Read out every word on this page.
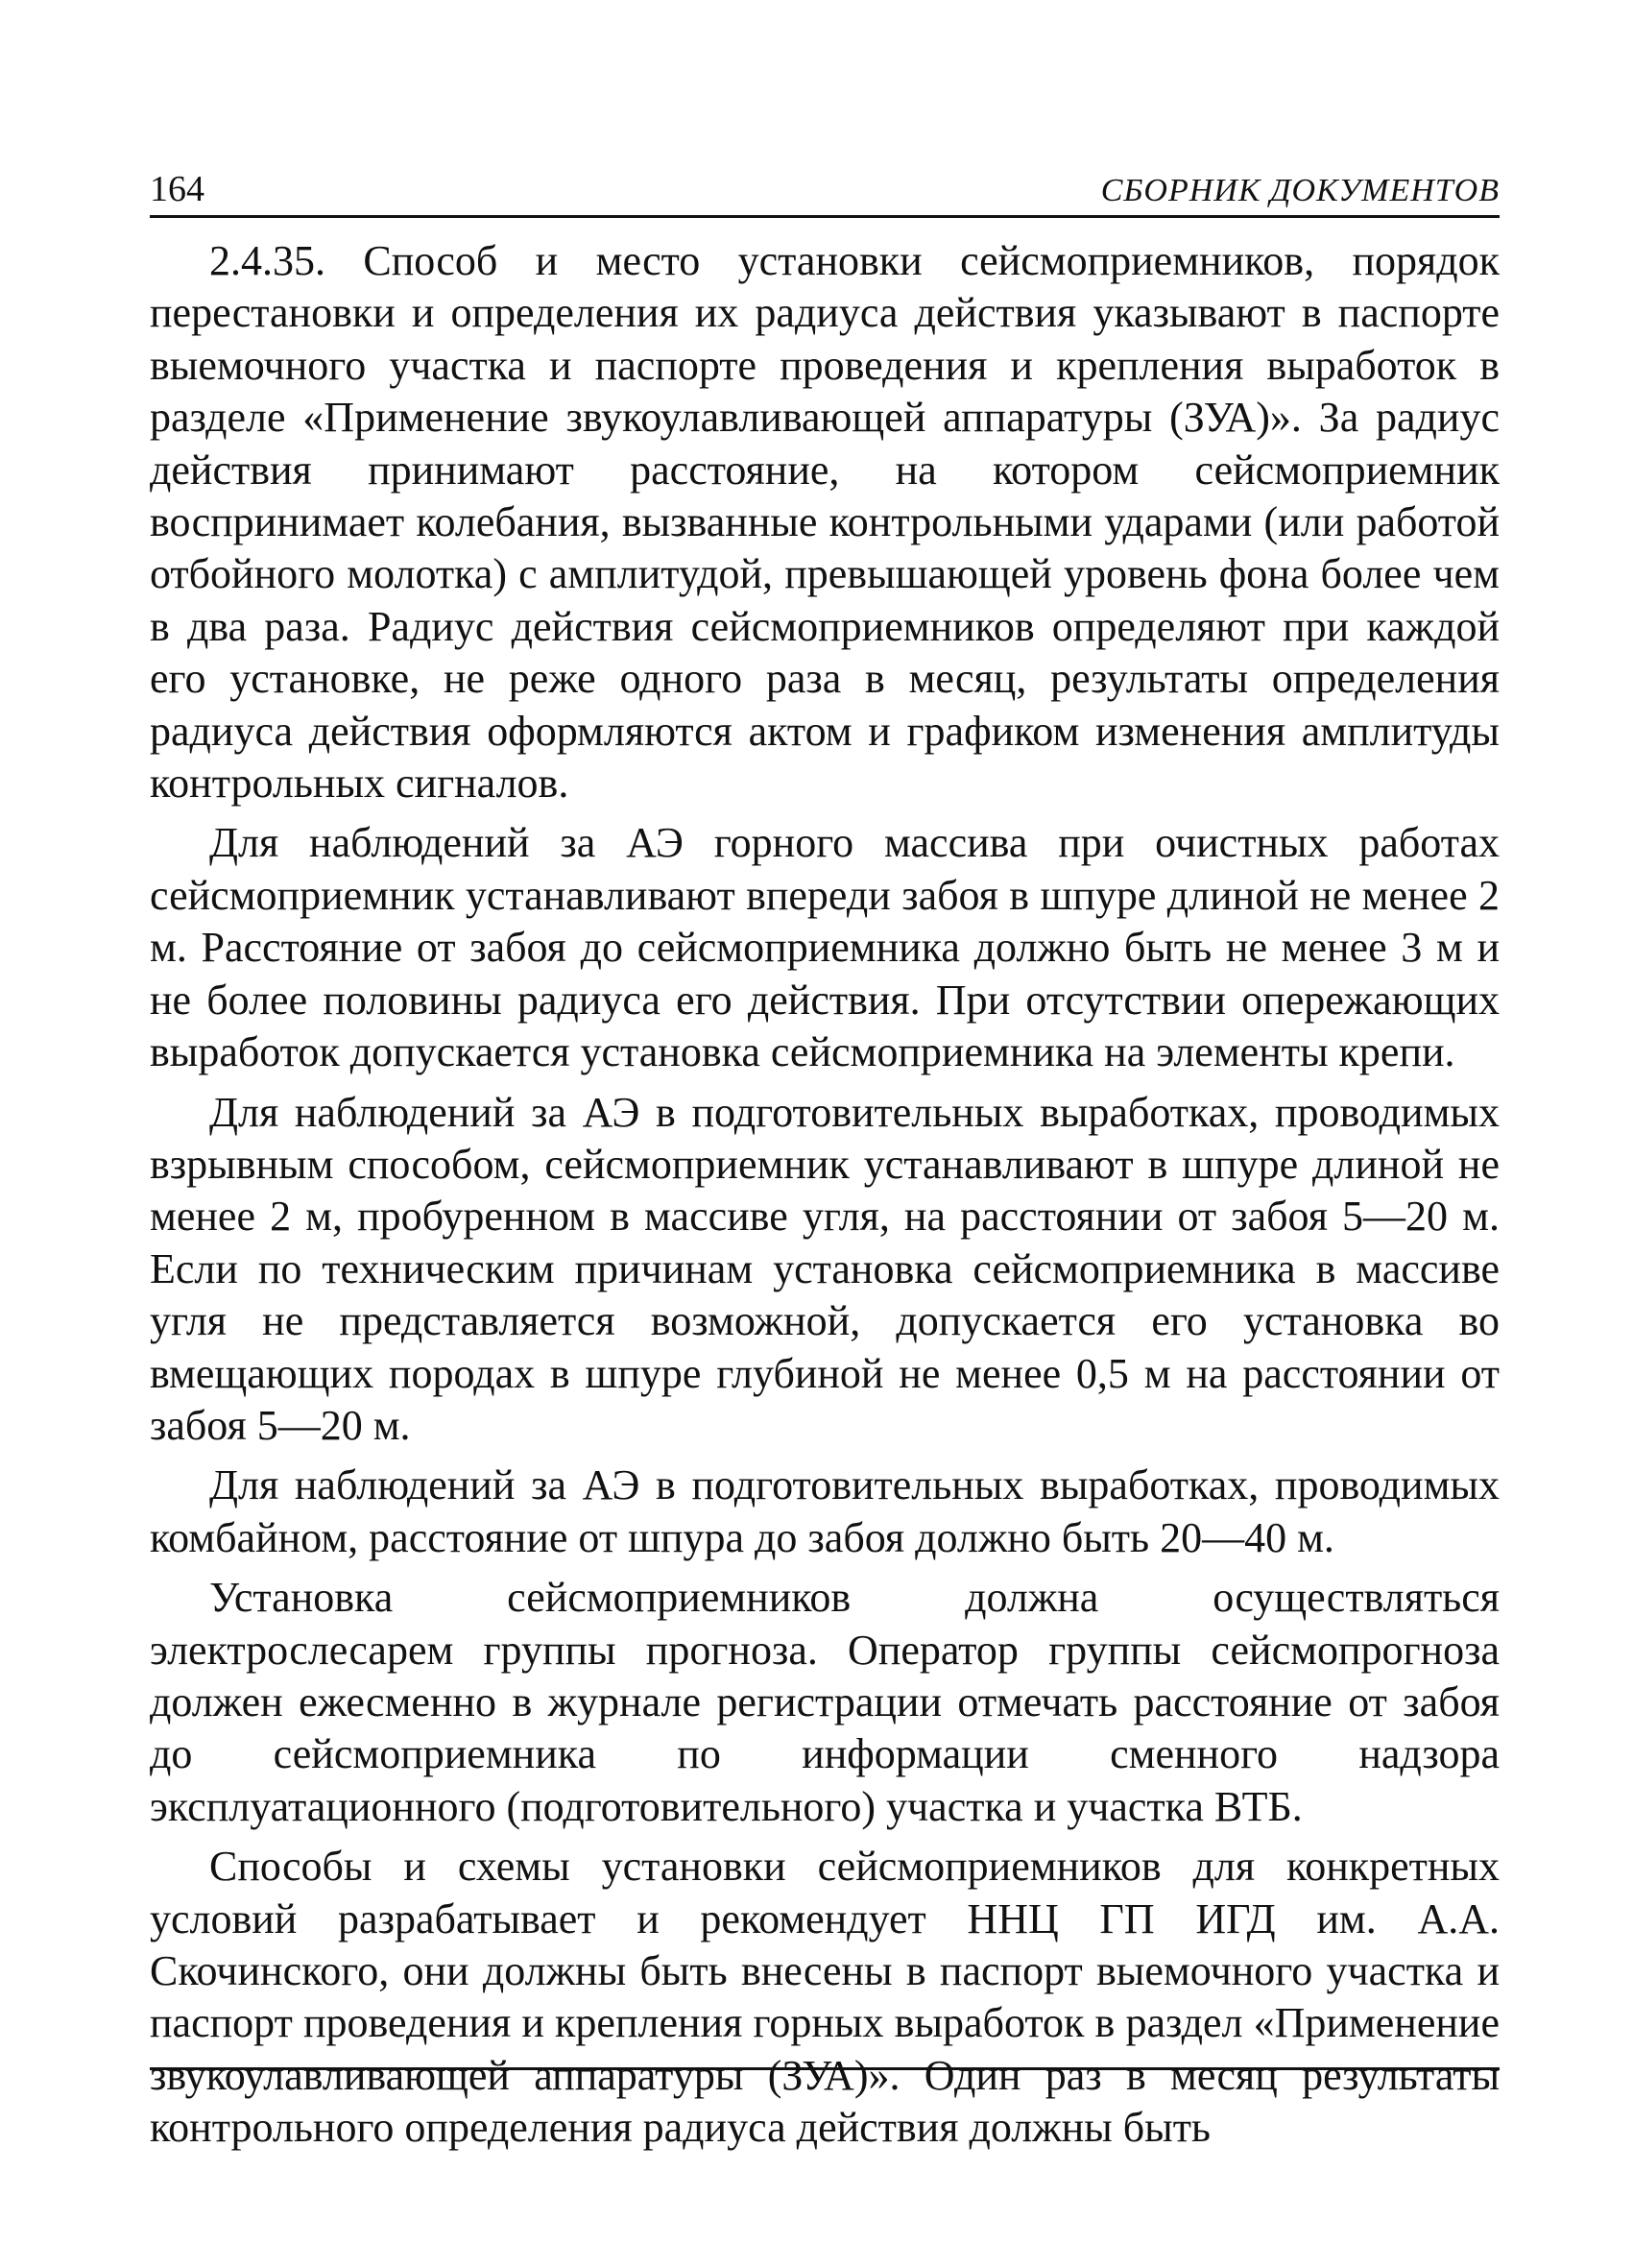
164	СБОРНИК ДОКУМЕНТОВ

2.4.35. Способ и место установки сейсмоприемников, порядок перестановки и определения их радиуса действия указывают в паспорте выемочного участка и паспорте проведения и крепления выработок в разделе «Применение звукоулавливающей аппаратуры (ЗУА)». За радиус действия принимают расстояние, на котором сейсмоприемник воспринимает колебания, вызванные контрольными ударами (или работой отбойного молотка) с амплитудой, превышающей уровень фона более чем в два раза. Радиус действия сейсмоприемников определяют при каждой его установке, не реже одного раза в месяц, результаты определения радиуса действия оформляются актом и графиком изменения амплитуды контрольных сигналов.

Для наблюдений за АЭ горного массива при очистных работах сейсмоприемник устанавливают впереди забоя в шпуре длиной не менее 2 м. Расстояние от забоя до сейсмоприемника должно быть не менее 3 м и не более половины радиуса его действия. При отсутствии опережающих выработок допускается установка сейсмоприемника на элементы крепи.

Для наблюдений за АЭ в подготовительных выработках, проводимых взрывным способом, сейсмоприемник устанавливают в шпуре длиной не менее 2 м, пробуренном в массиве угля, на расстоянии от забоя 5—20 м. Если по техническим причинам установка сейсмоприемника в массиве угля не представляется возможной, допускается его установка во вмещающих породах в шпуре глубиной не менее 0,5 м на расстоянии от забоя 5—20 м.

Для наблюдений за АЭ в подготовительных выработках, проводимых комбайном, расстояние от шпура до забоя должно быть 20—40 м.

Установка сейсмоприемников должна осуществляться электрослесарем группы прогноза. Оператор группы сейсмопрогноза должен ежесменно в журнале регистрации отмечать расстояние от забоя до сейсмоприемника по информации сменного надзора эксплуатационного (подготовительного) участка и участка ВТБ.

Способы и схемы установки сейсмоприемников для конкретных условий разрабатывает и рекомендует ННЦ ГП ИГД им. А.А. Скочинского, они должны быть внесены в паспорт выемочного участка и паспорт проведения и крепления горных выработок в раздел «Применение звукоулавливающей аппаратуры (ЗУА)». Один раз в месяц результаты контрольного определения радиуса действия должны быть
